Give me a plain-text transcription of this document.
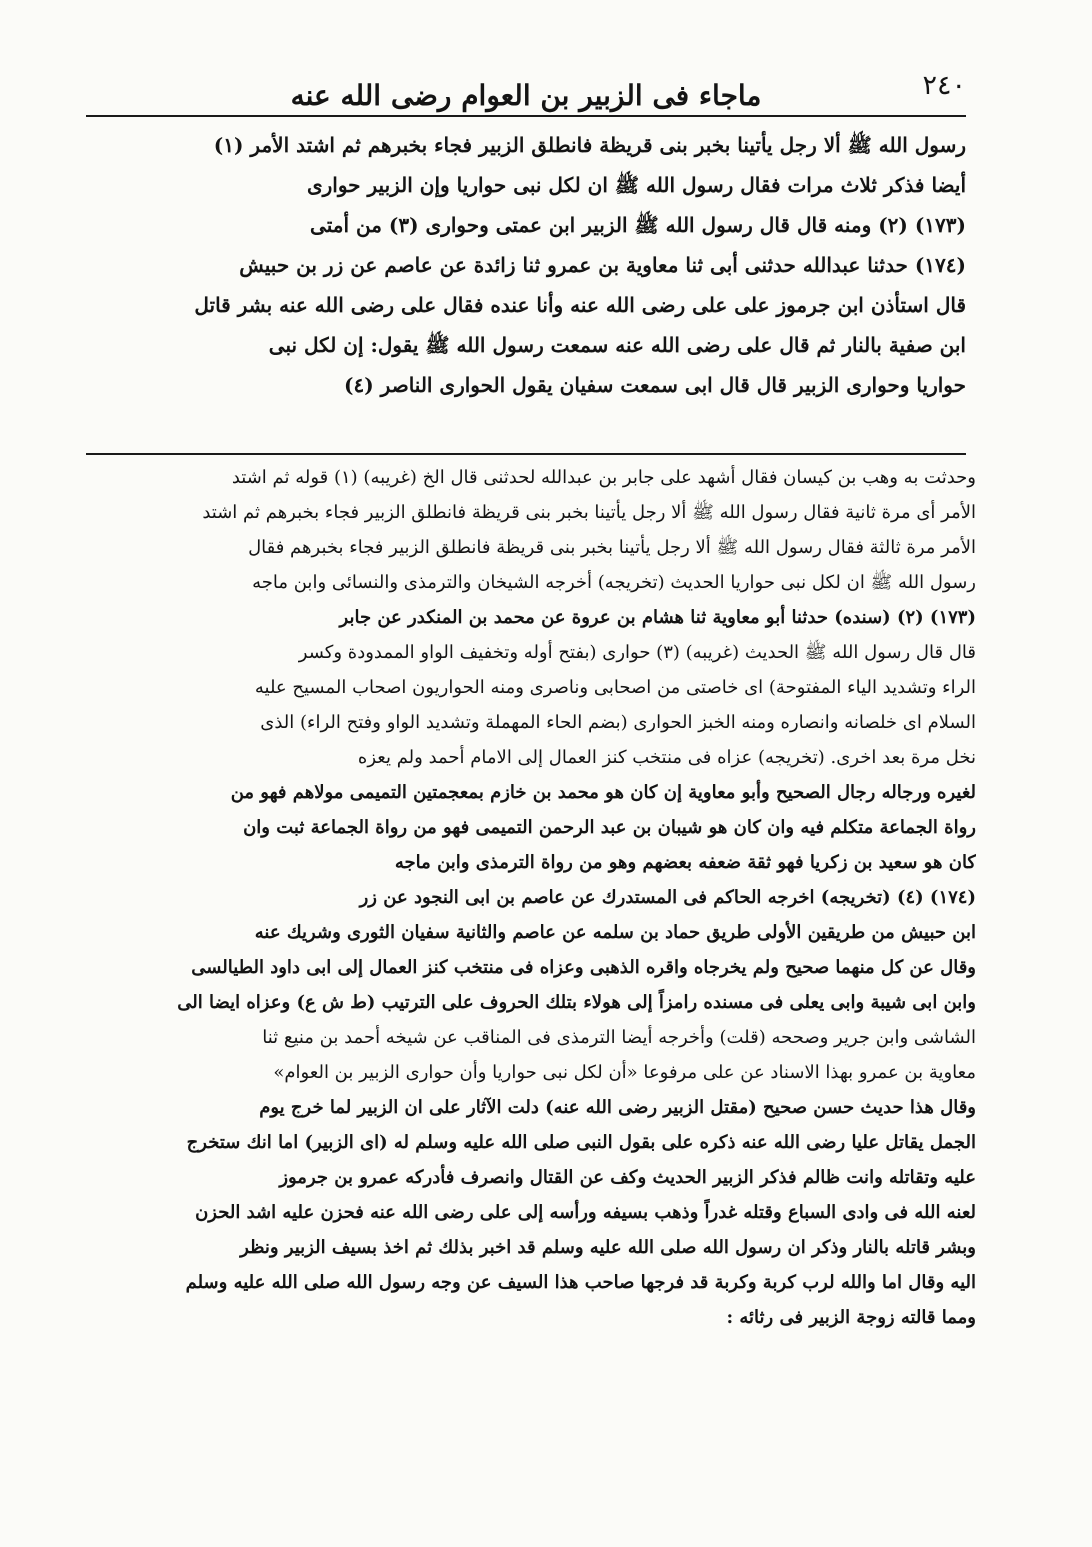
ماجاء فى الزبير بن العوام رضى الله عنه	٢٤٠
رسول الله ﷺ ألا رجل يأتينا بخبر بنى قريظة فانطلق الزبير فجاء بخبرهم ثم اشتد الأمر (١)
أيضا فذكر ثلاث مرات فقال رسول الله ﷺ ان لكل نبى حواريا وإن الزبير حوارى
(١٧٣) (٢) ومنه قال قال رسول الله ﷺ الزبير ابن عمتى وحوارى (٣) من أمتى
(١٧٤) حدثنا عبدالله حدثنى أبى ثنا معاوية بن عمرو ثنا زائدة عن عاصم عن زر بن حبيش
قال استأذن ابن جرموز على على رضى الله عنه وأنا عنده فقال على رضى الله عنه بشر قاتل
ابن صفية بالنار ثم قال على رضى الله عنه سمعت رسول الله ﷺ يقول: إن لكل نبى
حواريا وحوارى الزبير قال قال ابى سمعت سفيان يقول الحوارى الناصر (٤)
وحدثت به وهب بن كيسان فقال أشهد على جابر بن عبدالله لحدثنى قال الخ (غريبه) (١) قوله ثم اشتد
الأمر أى مرة ثانية فقال رسول الله ﷺ ألا رجل يأتينا بخبر بنى قريظة فانطلق الزبير فجاء بخبرهم ثم اشتد
الأمر مرة ثالثة فقال رسول الله ﷺ ألا رجل يأتينا بخبر بنى قريظة فانطلق الزبير فجاء بخبرهم فقال
رسول الله ﷺ ان لكل نبى حواريا الحديث (تخريجه) أخرجه الشيخان والترمذى والنسائى وابن ماجه
(١٧٣) (٢) (سنده) حدثنا أبو معاوية ثنا هشام بن عروة عن محمد بن المنكدر عن جابر
قال قال رسول الله ﷺ الحديث (غريبه) (٣) حوارى (بفتح أوله وتخفيف الواو الممدودة وكسر
الراء وتشديد الياء المفتوحة) اى خاصتى من اصحابى وناصرى ومنه الحواريون اصحاب المسيح عليه
السلام اى خلصانه وانصاره ومنه الخبز الحوارى (بضم الحاء المهملة وتشديد الواو وفتح الراء) الذى
نخل مرة بعد اخرى. (تخريجه) عزاه فى منتخب كنز العمال إلى الامام أحمد ولم يعزه
لغيره ورجاله رجال الصحيح وأبو معاوية إن كان هو محمد بن خازم بمعجمتين التميمى مولاهم فهو من
رواة الجماعة متكلم فيه وان كان هو شيبان بن عبد الرحمن التميمى فهو من رواة الجماعة ثبت وان
كان هو سعيد بن زكريا فهو ثقة ضعفه بعضهم وهو من رواة الترمذى وابن ماجه
(١٧٤) (٤) (تخريجه) اخرجه الحاكم فى المستدرك عن عاصم بن ابى النجود عن زر
ابن حبيش من طريقين الأولى طريق حماد بن سلمه عن عاصم والثانية سفيان الثورى وشريك عنه
وقال عن كل منهما صحيح ولم يخرجاه واقره الذهبى وعزاه فى منتخب كنز العمال إلى ابى داود الطيالسى
وابن ابى شيبة وابى يعلى فى مسنده رامزاً إلى هولاء بتلك الحروف على الترتيب (ط ش ع) وعزاه ايضا الى
الشاشى وابن جرير وصححه (قلت) وأخرجه أيضا الترمذى فى المناقب عن شيخه أحمد بن منيع ثنا
معاوية بن عمرو بهذا الاسناد عن على مرفوعا «أن لكل نبى حواريا وأن حوارى الزبير بن العوام»
وقال هذا حديث حسن صحيح (مقتل الزبير رضى الله عنه) دلت الآثار على ان الزبير لما خرج يوم
الجمل يقاتل عليا رضى الله عنه ذكره على بقول النبى صلى الله عليه وسلم له (اى الزبير) اما انك ستخرج
عليه وتقاتله وانت ظالم فذكر الزبير الحديث وكف عن القتال وانصرف فأدركه عمرو بن جرموز
لعنه الله فى وادى السباع وقتله غدراً وذهب بسيفه ورأسه إلى على رضى الله عنه فحزن عليه اشد الحزن
وبشر قاتله بالنار وذكر ان رسول الله صلى الله عليه وسلم قد اخبر بذلك ثم اخذ بسيف الزبير ونظر
اليه وقال اما والله لرب كربة وكربة قد فرجها صاحب هذا السيف عن وجه رسول الله صلى الله عليه وسلم
ومما قالته زوجة الزبير فى رثائه :
